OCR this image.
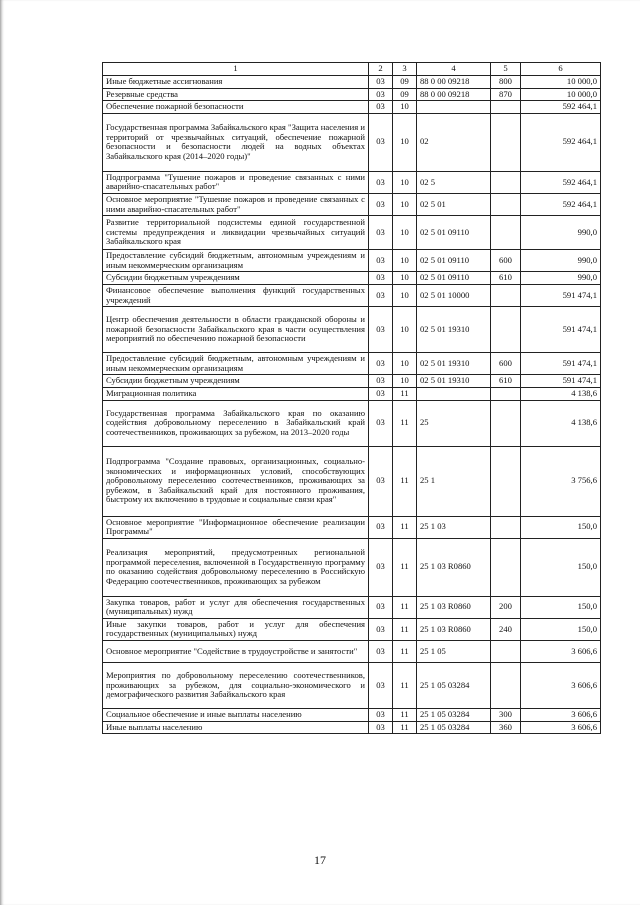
1	2	3	4	5	6
Иные бюджетные ассигнования	03	09	88 0 00 09218	800	10 000,0
Резервные средства	03	09	88 0 00 09218	870	10 000,0
Обеспечение пожарной безопасности	03	10			592 464,1
Государственная программа Забайкальского края "Защита населения и территорий от чрезвычайных ситуаций, обеспечение пожарной безопасности и безопасности людей на водных объектах Забайкальского края (2014–2020 годы)"	03	10	02		592 464,1
Подпрограмма "Тушение пожаров и проведение связанных с ними аварийно-спасательных работ"	03	10	02 5		592 464,1
Основное мероприятие "Тушение пожаров и проведение связанных с ними аварийно-спасательных работ"	03	10	02 5 01		592 464,1
Развитие территориальной подсистемы единой государственной системы предупреждения и ликвидации чрезвычайных ситуаций Забайкальского края	03	10	02 5 01 09110		990,0
Предоставление субсидий бюджетным, автономным учреждениям и иным некоммерческим организациям	03	10	02 5 01 09110	600	990,0
Субсидии бюджетным учреждениям	03	10	02 5 01 09110	610	990,0
Финансовое обеспечение выполнения функций государственных учреждений	03	10	02 5 01 10000		591 474,1
Центр обеспечения деятельности в области гражданской обороны и пожарной безопасности Забайкальского края в части осуществления мероприятий по обеспечению пожарной безопасности	03	10	02 5 01 19310		591 474,1
Предоставление субсидий бюджетным, автономным учреждениям и иным некоммерческим организациям	03	10	02 5 01 19310	600	591 474,1
Субсидии бюджетным учреждениям	03	10	02 5 01 19310	610	591 474,1
Миграционная политика	03	11			4 138,6
Государственная программа Забайкальского края по оказанию содействия добровольному переселению в Забайкальский край соотечественников, проживающих за рубежом, на 2013–2020 годы	03	11	25		4 138,6
Подпрограмма "Создание правовых, организационных, социально-экономических и информационных условий, способствующих добровольному переселению соотечественников, проживающих за рубежом, в Забайкальский край для постоянного проживания, быстрому их включению в трудовые и социальные связи края"	03	11	25 1		3 756,6
Основное мероприятие "Информационное обеспечение реализации Программы"	03	11	25 1 03		150,0
Реализация мероприятий, предусмотренных региональной программой переселения, включенной в Государственную программу по оказанию содействия добровольному переселению в Российскую Федерацию соотечественников, проживающих за рубежом	03	11	25 1 03 R0860		150,0
Закупка товаров, работ и услуг для обеспечения государственных (муниципальных) нужд	03	11	25 1 03 R0860	200	150,0
Иные закупки товаров, работ и услуг для обеспечения государственных (муниципальных) нужд	03	11	25 1 03 R0860	240	150,0
Основное мероприятие "Содействие в трудоустройстве и занятости"	03	11	25 1 05		3 606,6
Мероприятия по добровольному переселению соотечественников, проживающих за рубежом, для социально-экономического и демографического развития Забайкальского края	03	11	25 1 05 03284		3 606,6
Социальное обеспечение и иные выплаты населению	03	11	25 1 05 03284	300	3 606,6
Иные выплаты населению	03	11	25 1 05 03284	360	3 606,6
17
